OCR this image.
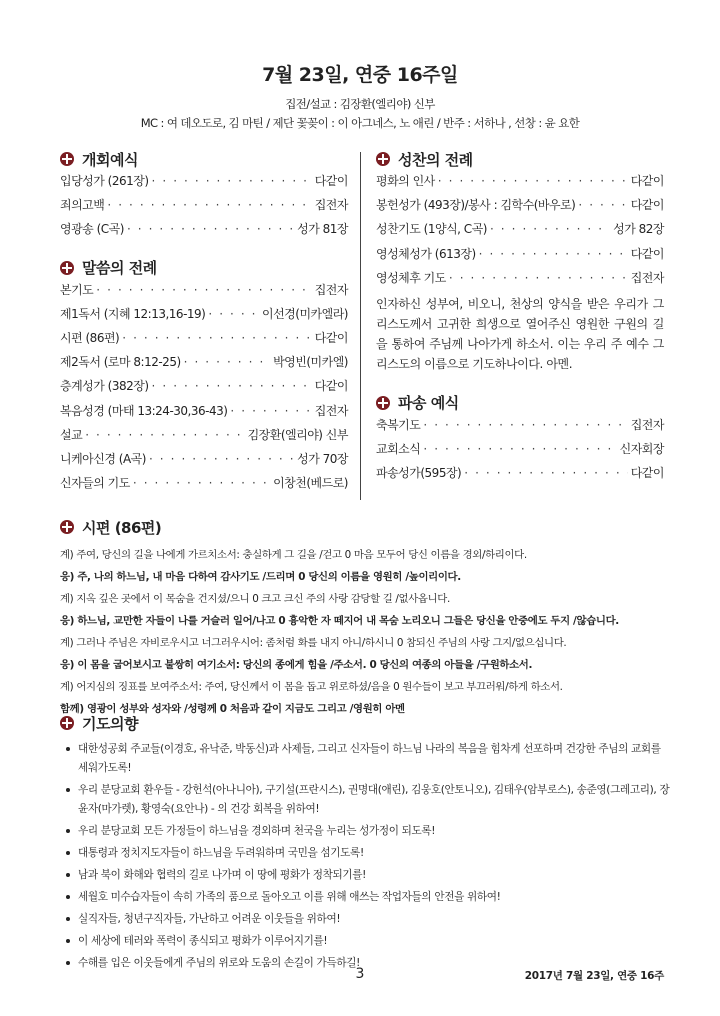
7월 23일, 연중 16주일
집전/설교 : 김장환(엘리야) 신부
MC : 여 데오도로, 김 마틴 / 제단 꽃꽂이 : 이 아그네스, 노 애린 / 반주 : 서하나 , 선창 : 윤 요한
개회예식
입당성가 (261장) · · ·	다같이
죄의고백 · · ·	집전자
영광송 (C곡) · · ·	성가 81장
말씀의 전례
본기도 · · ·	집전자
제1독서 (지혜 12:13,16-19) · · ·	이선경(미카엘라)
시편 (86편) · · ·	다같이
제2독서 (로마 8:12-25) · · ·	박영빈(미카엘)
층계성가 (382장) · · ·	다같이
복음성경 (마태 13:24-30,36-43) · · ·	집전자
설교 · · ·	김장환(엘리야) 신부
니케아신경 (A곡) · · ·	성가 70장
신자들의 기도 · · ·	이창천(베드로)
성찬의 전례
평화의 인사 · · ·	다같이
봉헌성가 (493장)/봉사 : 김학수(바우로) · · ·	다같이
성찬기도 (1양식, C곡) · · ·	성가 82장
영성체성가 (613장) · · ·	다같이
영성체후 기도 · · ·	집전자
인자하신 성부여, 비오니, 천상의 양식을 받은 우리가 그리스도께서 고귀한 희생으로 열어주신 영원한 구원의 길을 통하여 주님께 나아가게 하소서. 이는 우리 주 예수 그리스도의 이름으로 기도하나이다. 아멘.
파송 예식
축복기도 · · ·	집전자
교회소식 · · ·	신자회장
파송성가(595장) · · ·	다같이
시편 (86편)
계) 주여, 당신의 길을 나에게 가르치소서: 충실하게 그 길을 /걷고 0 마음 모두어 당신 이름을 경외/하리이다.
응) 주, 나의 하느님, 내 마음 다하여 감사기도 /드리며 0 당신의 이름을 영원히 /높이리이다.
계) 지옥 깊은 곳에서 이 목숨을 건지셨/으니 0 크고 크신 주의 사랑 감당할 길 /없사옵니다.
응) 하느님, 교만한 자들이 나를 거슬러 일어/나고 0 흉악한 자 떼지어 내 목숨 노리오니 그들은 당신을 안중에도 두지 /않습니다.
계) 그러나 주님은 자비로우시고 너그러우시어: 좀처럼 화를 내지 아니/하시니 0 참되신 주님의 사랑 그지/없으십니다.
응) 이 몸을 굽어보시고 불쌍히 여기소서: 당신의 종에게 힘을 /주소서. 0 당신의 여종의 아들을 /구원하소서.
계) 어지심의 징표를 보여주소서: 주여, 당신께서 이 몸을 돕고 위로하셨/음을 0 원수들이 보고 부끄러워/하게 하소서.
함께) 영광이 성부와 성자와 /성령께 0 처음과 같이 지금도 그리고 /영원히 아멘
기도의향
대한성공회 주교들(이경호, 유낙준, 박동신)과 사제들, 그리고 신자들이 하느님 나라의 복음을 힘차게 선포하며 건강한 주님의 교회를 세워가도록!
우리 분당교회 환우들 - 강헌석(아나니아), 구기설(프란시스), 권명대(애린), 김웅호(안토니오), 김태우(암부로스), 송준영(그레고리), 장윤자(마가렛), 황영숙(요안나) - 의 건강 회복을 위하여!
우리 분당교회 모든 가정들이 하느님을 경외하며 천국을 누리는 성가정이 되도록!
대통령과 정치지도자들이 하느님을 두려워하며 국민을 섬기도록!
남과 북이 화해와 협력의 길로 나가며 이 땅에 평화가 정착되기를!
세월호 미수습자들이 속히 가족의 품으로 돌아오고 이를 위해 애쓰는 작업자들의 안전을 위하여!
실직자들, 청년구직자들, 가난하고 어려운 이웃들을 위하여!
이 세상에 테러와 폭력이 종식되고 평화가 이루어지기를!
수해를 입은 이웃들에게 주님의 위로와 도움의 손길이 가득하길!
3	2017년 7월 23일, 연중 16주
